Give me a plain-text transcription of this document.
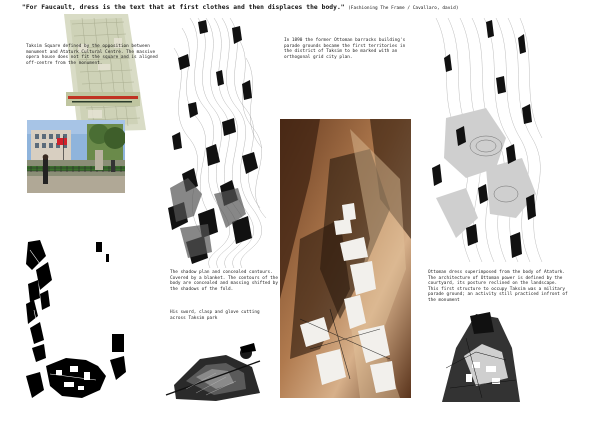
"For Faucault, dress is the text that at first clothes and then displaces the body." (Fashioning The Frame / Cavallaro, david)
Taksim Square defined by the opposition between monument and Ataturk Cultural Centre. The massive opera house does not fit the square and is aligned off-centre from the monument.
The shadow plan and concealed contours. Covered by a blanket. The contours of the body are concealed and massing shifted by the shadows of the fold.
His sword, clasp and glove cutting across Taksim park
In 1890 the former Ottoman barracks building's parade grounds became the first territories in the district of Taksim to be marked with an orthogonal grid city plan.
Ottoman dress superimposed from the body of Ataturk. The architecture of Ottoman power is defined by the courtyard, its posture reclined on the landscape. This first structure to occupy Taksim was a military parade ground; an activity still practiced infront of the monument
